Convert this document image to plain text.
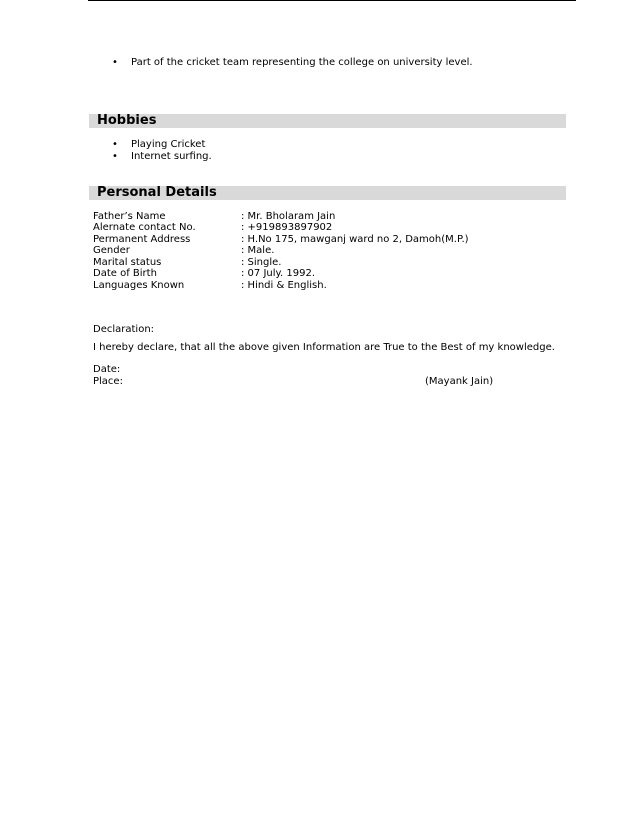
• Part of the cricket team representing the college on university level.
Hobbies
• Playing Cricket
• Internet surfing.
Personal Details
Father’s Name	: Mr. Bholaram Jain
Alernate contact No.	: +919893897902
Permanent Address	: H.No 175, mawganj ward no 2, Damoh(M.P.)
Gender	: Male.
Marital status	: Single.
Date of Birth	: 07 July. 1992.
Languages Known	: Hindi & English.
Declaration:
I hereby declare, that all the above given Information are True to the Best of my knowledge.
Date:
Place:	(Mayank Jain)
